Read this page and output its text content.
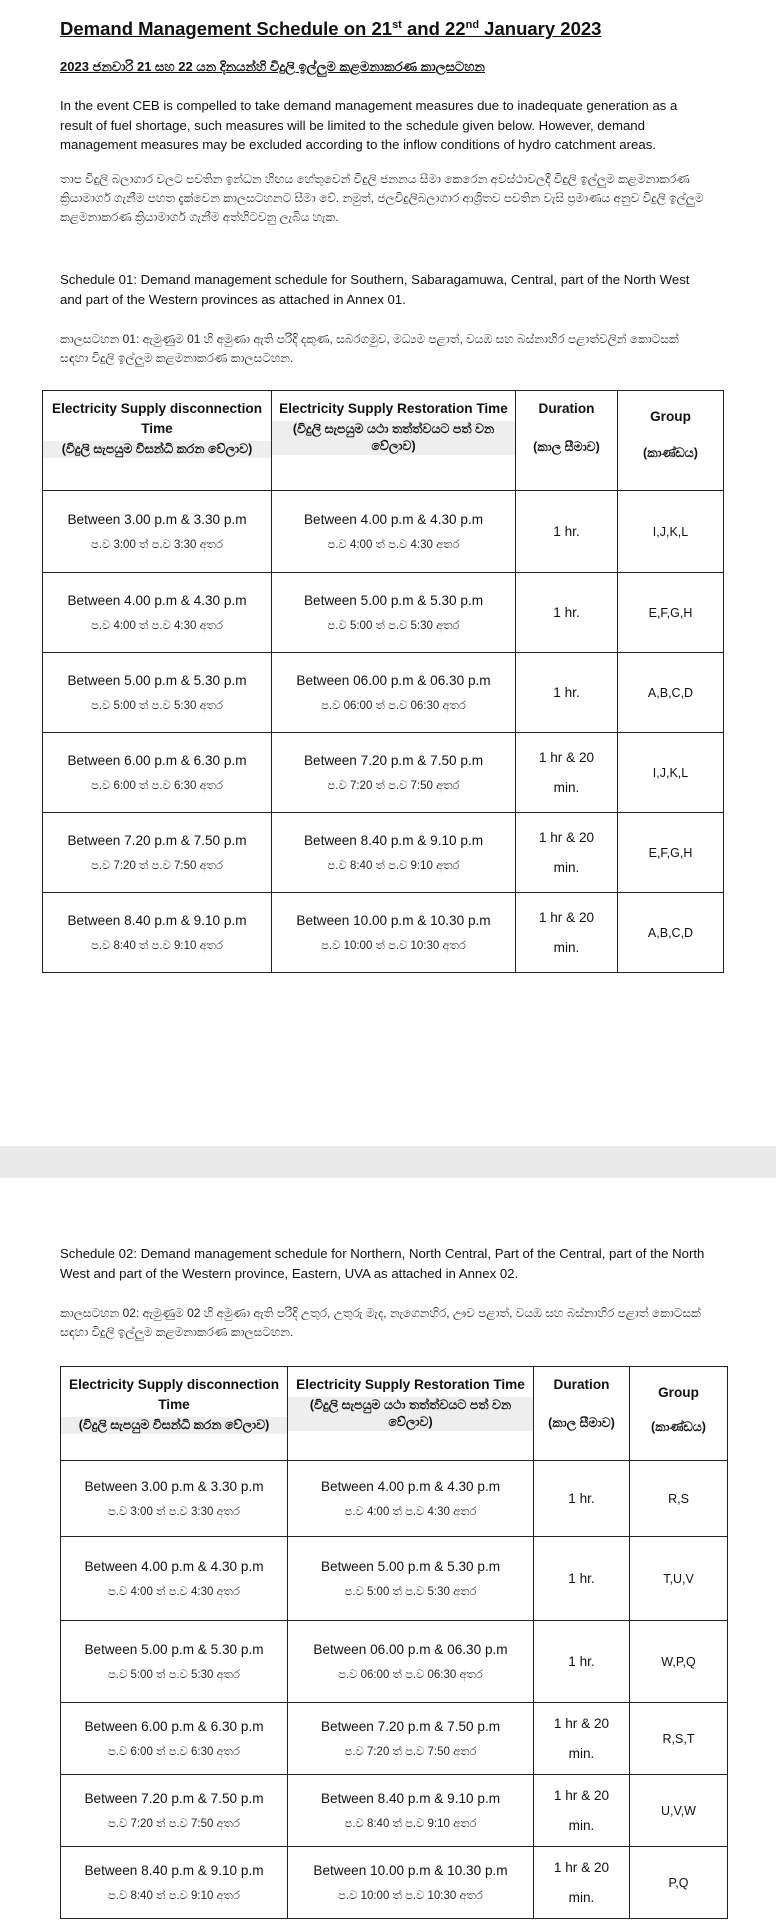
Demand Management Schedule on 21st and 22nd January 2023
2023 ජනවාරි 21 සහ 22 යන දිනයන්හි විදුලි ඉල්ලුම කළමනාකරණ කාලසටහන
In the event CEB is compelled to take demand management measures due to inadequate generation as a result of fuel shortage, such measures will be limited to the schedule given below. However, demand management measures may be excluded according to the inflow conditions of hydro catchment areas.
තාප විදුලි බලාගාර වලට පවතින ඉන්ධන හිඟය හේතුවෙන් විදුලි ජනනය සීමා කෙරෙන අවස්ථාවලදී විදුලි ඉල්ලුම කළමනාකරණ ක්‍රියාමාර්ග ගැනීම පහත දැක්වෙන කාලසටහනට සීමා වේ. නමුත්, ජලවිදුලිබලාගාර ආශ්‍රිතව පවතින වැසි ප්‍රමාණය අනුව විදුලි ඉල්ලුම කළමනාකරණ ක්‍රියාමාර්ග ගැනීම අත්හිටවනු ලැබිය හැක.
Schedule 01: Demand management schedule for Southern, Sabaragamuwa, Central, part of the North West and part of the Western provinces as attached in Annex 01.
කාලසටහන 01: ඇමුණුම 01 හි අමුණා ඇති පරිදි දකුණ, සබරගමුව, මධ්‍යම පළාත්, වයඹ සහ බස්නාහිර පළාත්වලින් කොටසක් සඳහා විදුලි ඉල්ලුම කළමනාකරණ කාලසටහන.
Electricity Supply disconnection Time
(විදුලි සැපයුම විසන්ධි කරන වේලාව)	Electricity Supply Restoration Time
(විදුලි සැපයුම යථා තත්ත්වයට පත් වන වේලාව)	Duration
(කාල සීමාව)	Group
(කාණ්ඩය)

Between 3.00 p.m & 3.30 p.m
ප.ව 3:00 ත් ප.ව 3:30 අතර	Between 4.00 p.m & 4.30 p.m
ප.ව 4:00 ත් ප.ව 4:30 අතර	1 hr.	I,J,K,L

Between 4.00 p.m & 4.30 p.m
ප.ව 4:00 ත් ප.ව 4:30 අතර	Between 5.00 p.m & 5.30 p.m
ප.ව 5:00 ත් ප.ව 5:30 අතර	1 hr.	E,F,G,H

Between 5.00 p.m & 5.30 p.m
ප.ව 5:00 ත් ප.ව 5:30 අතර	Between 06.00 p.m & 06.30 p.m
ප.ව 06:00 ත් ප.ව 06:30 අතර	1 hr.	A,B,C,D

Between 6.00 p.m & 6.30 p.m
ප.ව 6:00 ත් ප.ව 6:30 අතර	Between 7.20 p.m & 7.50 p.m
ප.ව 7:20 ත් ප.ව 7:50 අතර	1 hr & 20
min.	I,J,K,L

Between 7.20 p.m & 7.50 p.m
ප.ව 7:20 ත් ප.ව 7:50 අතර	Between 8.40 p.m & 9.10 p.m
ප.ව 8:40 ත් ප.ව 9:10 අතර	1 hr & 20
min.	E,F,G,H

Between 8.40 p.m & 9.10 p.m
ප.ව 8:40 ත් ප.ව 9:10 අතර	Between 10.00 p.m & 10.30 p.m
ප.ව 10:00 ත් ප.ව 10:30 අතර	1 hr & 20
min.	A,B,C,D
Schedule 02: Demand management schedule for Northern, North Central, Part of the Central, part of the North West and part of the Western province, Eastern, UVA as attached in Annex 02.
කාලසටහන 02: ඇමුණුම 02 හි අමුණා ඇති පරිදි උතුර, උතුරු මැද, නැගෙනහිර, ඌව පළාත්, වයඹ සහ බස්නාහිර පළාත් කොටසක් සඳහා විදුලි ඉල්ලුම කළමනාකරණ කාලසටහන.
Electricity Supply disconnection Time
(විදුලි සැපයුම විසන්ධි කරන වේලාව)	Electricity Supply Restoration Time
(විදුලි සැපයුම යථා තත්ත්වයට පත් වන වේලාව)	Duration
(කාල සීමාව)	Group
(කාණ්ඩය)

Between 3.00 p.m & 3.30 p.m
ප.ව 3:00 ත් ප.ව 3:30 අතර	Between 4.00 p.m & 4.30 p.m
ප.ව 4:00 ත් ප.ව 4:30 අතර	1 hr.	R,S

Between 4.00 p.m & 4.30 p.m
ප.ව 4:00 ත් ප.ව 4:30 අතර	Between 5.00 p.m & 5.30 p.m
ප.ව 5:00 ත් ප.ව 5:30 අතර	1 hr.	T,U,V

Between 5.00 p.m & 5.30 p.m
ප.ව 5:00 ත් ප.ව 5:30 අතර	Between 06.00 p.m & 06.30 p.m
ප.ව 06:00 ත් ප.ව 06:30 අතර	1 hr.	W,P,Q

Between 6.00 p.m & 6.30 p.m
ප.ව 6:00 ත් ප.ව 6:30 අතර	Between 7.20 p.m & 7.50 p.m
ප.ව 7:20 ත් ප.ව 7:50 අතර	1 hr & 20
min.	R,S,T

Between 7.20 p.m & 7.50 p.m
ප.ව 7:20 ත් ප.ව 7:50 අතර	Between 8.40 p.m & 9.10 p.m
ප.ව 8:40 ත් ප.ව 9:10 අතර	1 hr & 20
min.	U,V,W

Between 8.40 p.m & 9.10 p.m
ප.ව 8:40 ත් ප.ව 9:10 අතර	Between 10.00 p.m & 10.30 p.m
ප.ව 10:00 ත් ප.ව 10:30 අතර	1 hr & 20
min.	P,Q
